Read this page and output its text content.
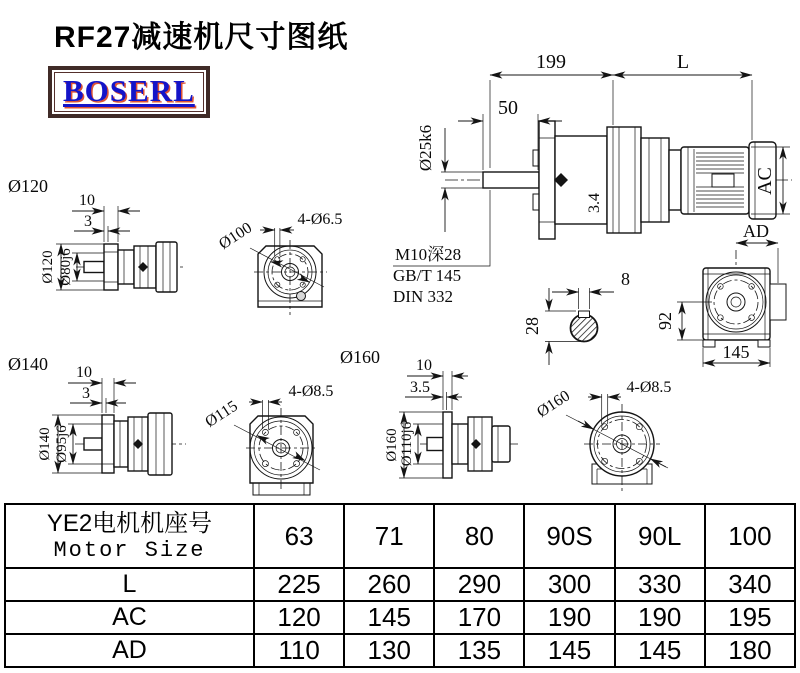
RF27减速机尺寸图纸
BOSERL
199	L
50
Ø25k6
AC
3.4
M10深28
GB/T 145
DIN 332
8
28
AD
92
145
Ø120
10
3
Ø120 Ø80j6
Ø100	4-Ø6.5
Ø140 10
3
Ø140 Ø95j6
Ø160
Ø115
4-Ø8.5
10
3.5
Ø160 Ø110j6
Ø160	4-Ø8.5
YE2电机机座号
Motor Size	63	71	80	90S	90L	100
L	225	260	290	300	330	340
AC	120	145	170	190	190	195
AD	110	130	135	145	145	180
